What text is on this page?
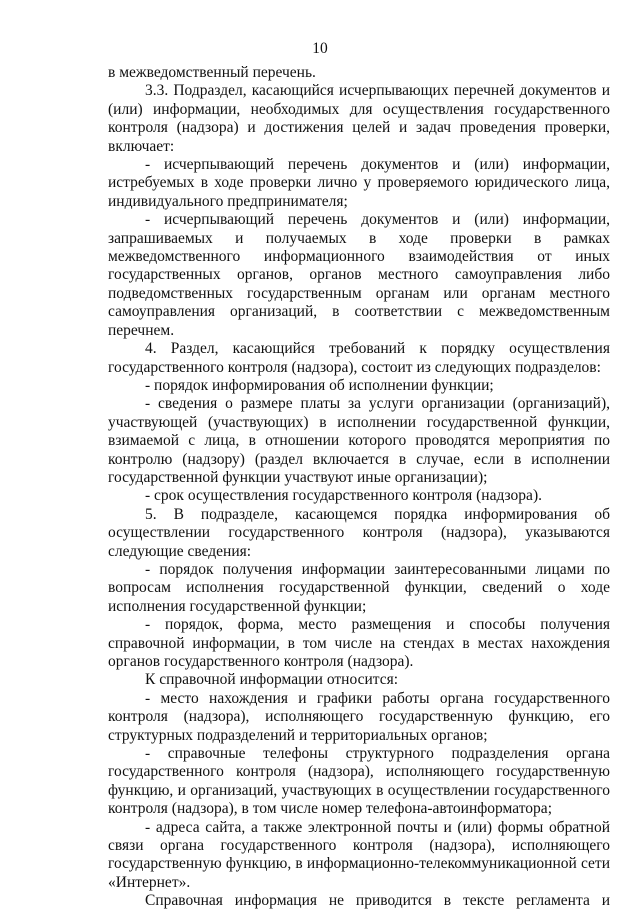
10

в межведомственный перечень.

3.3. Подраздел, касающийся исчерпывающих перечней документов и (или) информации, необходимых для осуществления государственного контроля (надзора) и достижения целей и задач проведения проверки, включает:

- исчерпывающий перечень документов и (или) информации, истребуемых в ходе проверки лично у проверяемого юридического лица, индивидуального предпринимателя;

- исчерпывающий перечень документов и (или) информации, запрашиваемых и получаемых в ходе проверки в рамках межведомственного информационного взаимодействия от иных государственных органов, органов местного самоуправления либо подведомственных государственным органам или органам местного самоуправления организаций, в соответствии с межведомственным перечнем.

4. Раздел, касающийся требований к порядку осуществления государственного контроля (надзора), состоит из следующих подразделов:

- порядок информирования об исполнении функции;

- сведения о размере платы за услуги организации (организаций), участвующей (участвующих) в исполнении государственной функции, взимаемой с лица, в отношении которого проводятся мероприятия по контролю (надзору) (раздел включается в случае, если в исполнении государственной функции участвуют иные организации);

- срок осуществления государственного контроля (надзора).

5. В подразделе, касающемся порядка информирования об осуществлении государственного контроля (надзора), указываются следующие сведения:

- порядок получения информации заинтересованными лицами по вопросам исполнения государственной функции, сведений о ходе исполнения государственной функции;

- порядок, форма, место размещения и способы получения справочной информации, в том числе на стендах в местах нахождения органов государственного контроля (надзора).

К справочной информации относится:

- место нахождения и графики работы органа государственного контроля (надзора), исполняющего государственную функцию, его структурных подразделений и территориальных органов;

- справочные телефоны структурного подразделения органа государственного контроля (надзора), исполняющего государственную функцию, и организаций, участвующих в осуществлении государственного контроля (надзора), в том числе номер телефона-автоинформатора;

- адреса сайта, а также электронной почты и (или) формы обратной связи органа государственного контроля (надзора), исполняющего государственную функцию, в информационно-телекоммуникационной сети «Интернет».

Справочная информация не приводится в тексте регламента и
